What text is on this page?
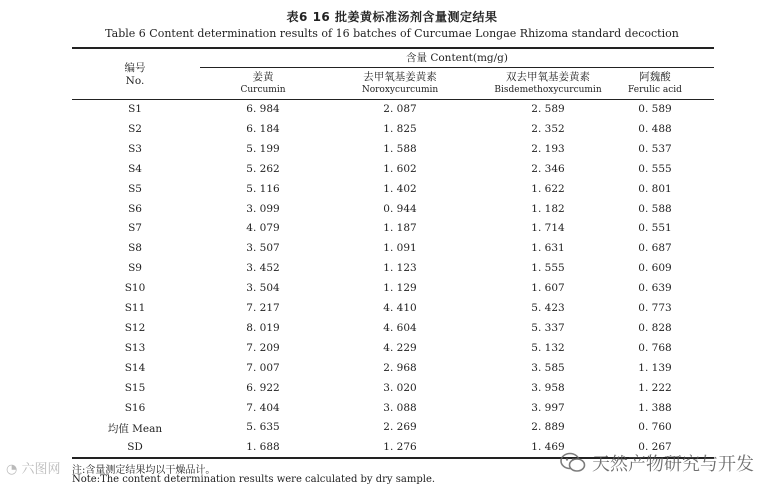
表6 16 批姜黄标准汤剂含量测定结果
Table 6 Content determination results of 16 batches of Curcumae Longae Rhizoma standard decoction
编号
No.
含量 Content(mg/g)
姜黄
Curcumin
去甲氧基姜黄素
Noroxycurcumin
双去甲氧基姜黄素
Bisdemethoxycurcumin
阿魏酸
Ferulic acid
S1	6. 984	2. 087	2. 589	0. 589
S2	6. 184	1. 825	2. 352	0. 488
S3	5. 199	1. 588	2. 193	0. 537
S4	5. 262	1. 602	2. 346	0. 555
S5	5. 116	1. 402	1. 622	0. 801
S6	3. 099	0. 944	1. 182	0. 588
S7	4. 079	1. 187	1. 714	0. 551
S8	3. 507	1. 091	1. 631	0. 687
S9	3. 452	1. 123	1. 555	0. 609
S10	3. 504	1. 129	1. 607	0. 639
S11	7. 217	4. 410	5. 423	0. 773
S12	8. 019	4. 604	5. 337	0. 828
S13	7. 209	4. 229	5. 132	0. 768
S14	7. 007	2. 968	3. 585	1. 139
S15	6. 922	3. 020	3. 958	1. 222
S16	7. 404	3. 088	3. 997	1. 388
均值 Mean	5. 635	2. 269	2. 889	0. 760
SD	1. 688	1. 276	1. 469	0. 267
注:含量测定结果均以干燥品计。
Note:The content determination results were calculated by dry sample.
天然产物研究与开发
◔ 六图网
